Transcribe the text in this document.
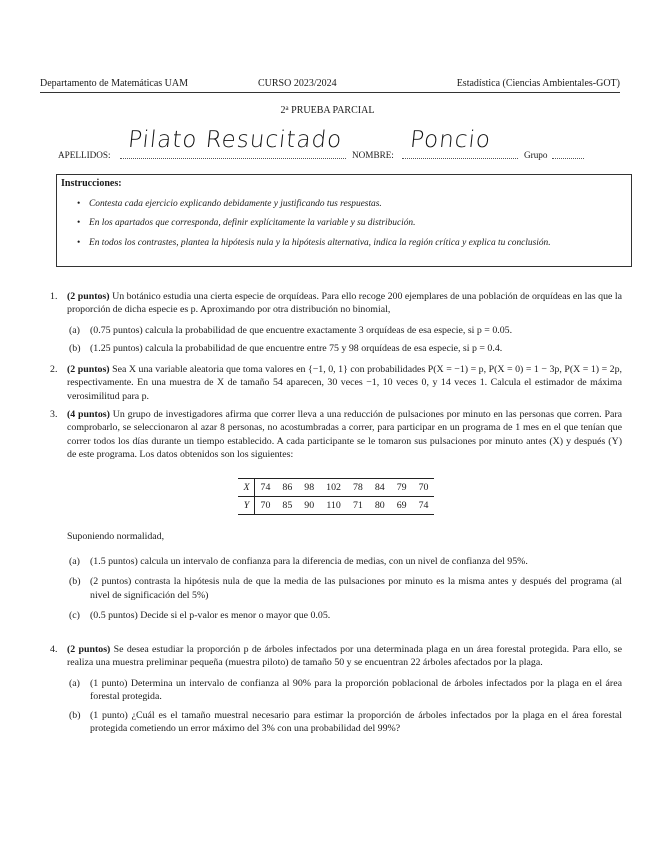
Departamento de Matemáticas UAM	CURSO 2023/2024	Estadística (Ciencias Ambientales-GOT)
2$^a$ PRUEBA PARCIAL
APELLIDOS:
Pilato Resucitado
NOMBRE:
Poncio
Grupo
Instrucciones:
• Contesta cada ejercicio explicando debidamente y justificando tus respuestas.
• En los apartados que corresponda, definir explícitamente la variable y su distribución.
• En todos los contrastes, plantea la hipótesis nula y la hipótesis alternativa, indica la región crítica y explica tu conclusión.
1. (2 puntos) Un botánico estudia una cierta especie de orquídeas. Para ello recoge 200 ejemplares de una población de orquídeas en las que la proporción de dicha especie es p. Aproximando por otra distribución no binomial,
(a) (0.75 puntos) calcula la probabilidad de que encuentre exactamente 3 orquídeas de esa especie, si p = 0.05.
(b) (1.25 puntos) calcula la probabilidad de que encuentre entre 75 y 98 orquídeas de esa especie, si p = 0.4.
2. (2 puntos) Sea X una variable aleatoria que toma valores en {−1, 0, 1} con probabilidades P(X = −1) = p, P(X = 0) = 1 − 3p, P(X = 1) = 2p, respectivamente. En una muestra de X de tamaño 54 aparecen, 30 veces −1, 10 veces 0, y 14 veces 1. Calcula el estimador de máxima verosimilitud para p.
3. (4 puntos) Un grupo de investigadores afirma que correr lleva a una reducción de pulsaciones por minuto en las personas que corren. Para comprobarlo, se seleccionaron al azar 8 personas, no acostumbradas a correr, para participar en un programa de 1 mes en el que tenían que correr todos los días durante un tiempo establecido. A cada participante se le tomaron sus pulsaciones por minuto antes (X) y después (Y) de este programa. Los datos obtenidos son los siguientes:
X	74	86	98	102	78	84	79	70
Y	70	85	90	110	71	80	69	74
Suponiendo normalidad,
(a) (1.5 puntos) calcula un intervalo de confianza para la diferencia de medias, con un nivel de confianza del 95%.
(b) (2 puntos) contrasta la hipótesis nula de que la media de las pulsaciones por minuto es la misma antes y después del programa (al nivel de significación del 5%)
(c) (0.5 puntos) Decide si el p-valor es menor o mayor que 0.05.
4. (2 puntos) Se desea estudiar la proporción p de árboles infectados por una determinada plaga en un área forestal protegida. Para ello, se realiza una muestra preliminar pequeña (muestra piloto) de tamaño 50 y se encuentran 22 árboles afectados por la plaga.
(a) (1 punto) Determina un intervalo de confianza al 90% para la proporción poblacional de árboles infectados por la plaga en el área forestal protegida.
(b) (1 punto) ¿Cuál es el tamaño muestral necesario para estimar la proporción de árboles infectados por la plaga en el área forestal protegida cometiendo un error máximo del 3% con una probabilidad del 99%?
